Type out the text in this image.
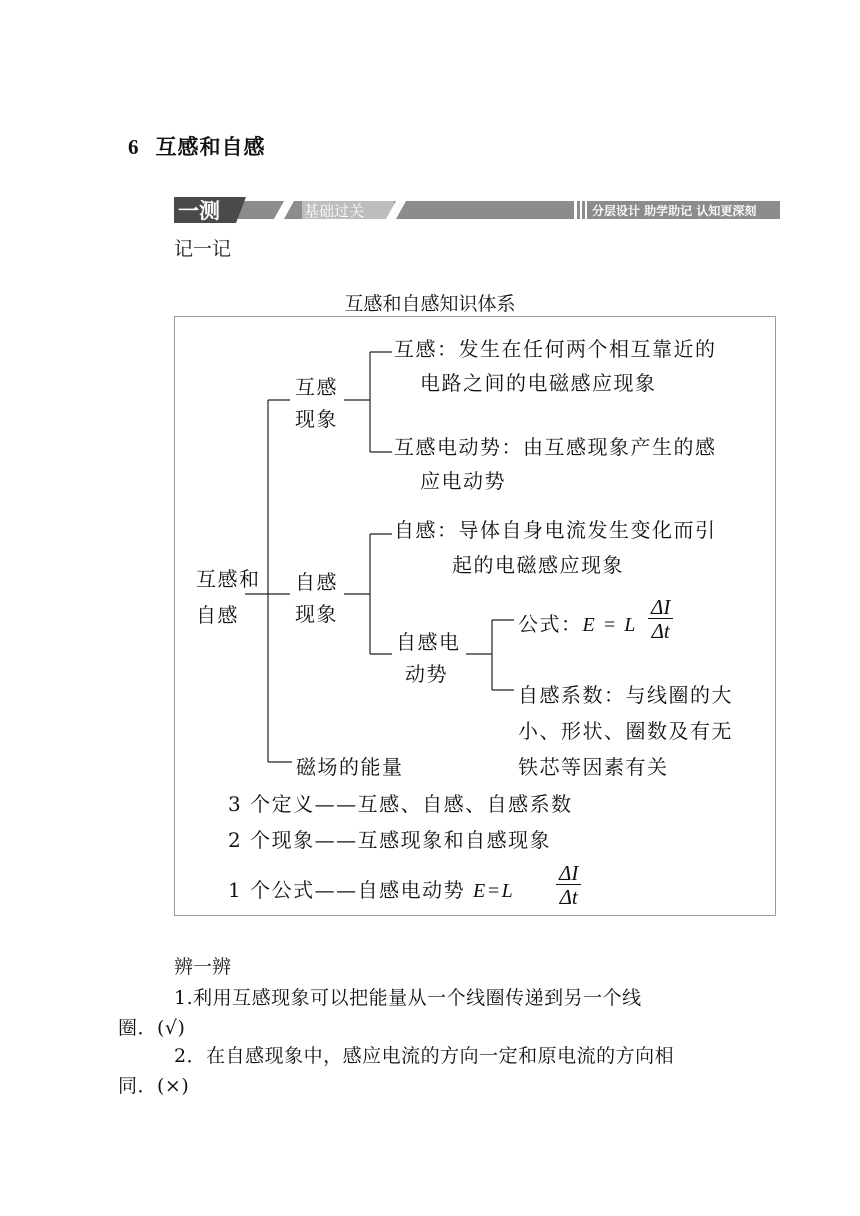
6 互感和自感
一测	基础过关	分层设计 助学助记 认知更深刻
记一记
互感和自感知识体系
互感和
自感
互感
现象
互感：发生在任何两个相互靠近的
电路之间的电磁感应现象
互感电动势：由互感现象产生的感
应电动势
自感
现象
自感：导体自身电流发生变化而引
起的电磁感应现象
自感电
动势
公式：E = L $\frac{\Delta I}{\Delta t}$
自感系数：与线圈的大
小、形状、圈数及有无
铁芯等因素有关
磁场的能量
3 个定义——互感、自感、自感系数
2 个现象——互感现象和自感现象
1 个公式——自感电动势 $E=L \frac{\Delta I}{\Delta t}$
辨一辨
1.利用互感现象可以把能量从一个线圈传递到另一个线
圈．(√)
2．在自感现象中，感应电流的方向一定和原电流的方向相
同．(×)
